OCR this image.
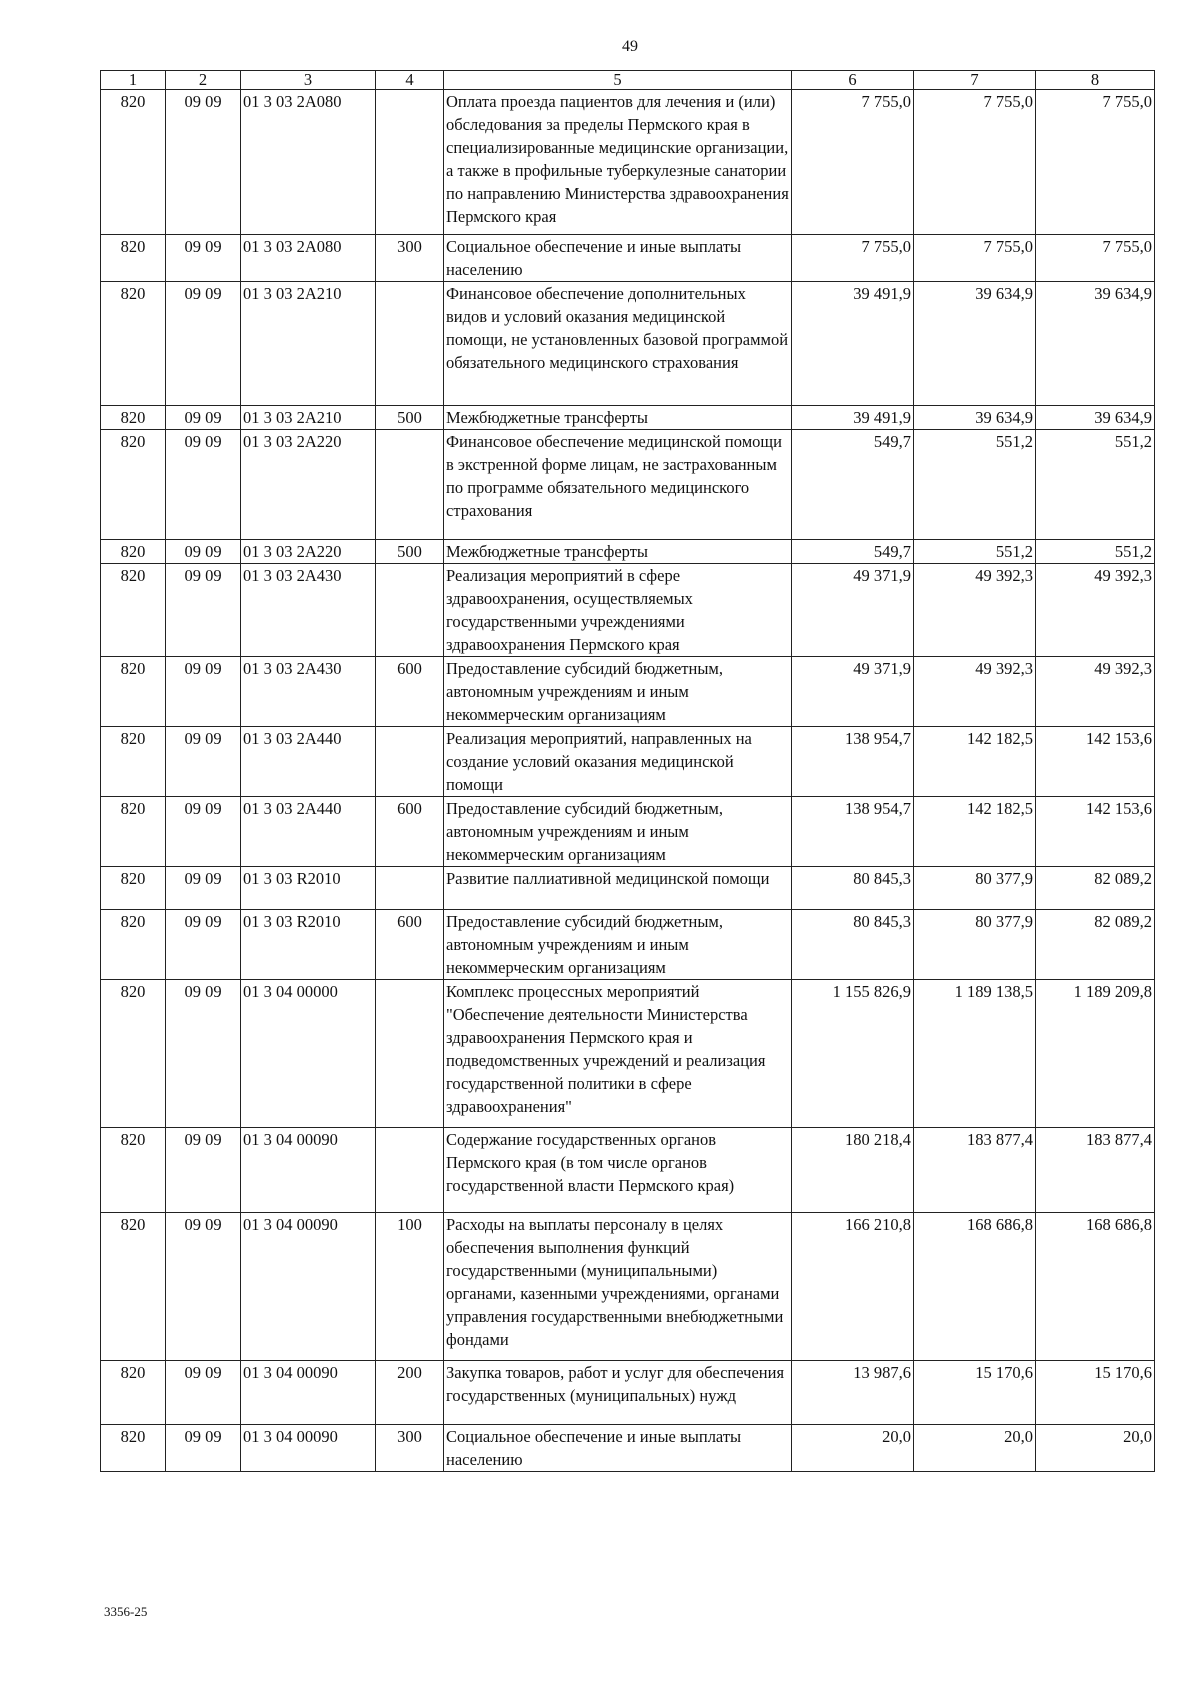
49
1	2	3	4	5	6	7	8
820	09 09	01 3 03 2А080		Оплата проезда пациентов для лечения и (или) обследования за пределы Пермского края в специализированные медицинские организации, а также в профильные туберкулезные санатории по направлению Министерства здравоохранения Пермского края	7 755,0	7 755,0	7 755,0
820	09 09	01 3 03 2А080	300	Социальное обеспечение и иные выплаты населению	7 755,0	7 755,0	7 755,0
820	09 09	01 3 03 2А210		Финансовое обеспечение дополнительных видов и условий оказания медицинской помощи, не установленных базовой программой обязательного медицинского страхования	39 491,9	39 634,9	39 634,9
820	09 09	01 3 03 2А210	500	Межбюджетные трансферты	39 491,9	39 634,9	39 634,9
820	09 09	01 3 03 2А220		Финансовое обеспечение медицинской помощи в экстренной форме лицам, не застрахованным по программе обязательного медицинского страхования	549,7	551,2	551,2
820	09 09	01 3 03 2А220	500	Межбюджетные трансферты	549,7	551,2	551,2
820	09 09	01 3 03 2А430		Реализация мероприятий в сфере здравоохранения, осуществляемых государственными учреждениями здравоохранения Пермского края	49 371,9	49 392,3	49 392,3
820	09 09	01 3 03 2А430	600	Предоставление субсидий бюджетным, автономным учреждениям и иным некоммерческим организациям	49 371,9	49 392,3	49 392,3
820	09 09	01 3 03 2А440		Реализация мероприятий, направленных на создание условий оказания медицинской помощи	138 954,7	142 182,5	142 153,6
820	09 09	01 3 03 2А440	600	Предоставление субсидий бюджетным, автономным учреждениям и иным некоммерческим организациям	138 954,7	142 182,5	142 153,6
820	09 09	01 3 03 R2010		Развитие паллиативной медицинской помощи	80 845,3	80 377,9	82 089,2
820	09 09	01 3 03 R2010	600	Предоставление субсидий бюджетным, автономным учреждениям и иным некоммерческим организациям	80 845,3	80 377,9	82 089,2
820	09 09	01 3 04 00000		Комплекс процессных мероприятий "Обеспечение деятельности Министерства здравоохранения Пермского края и подведомственных учреждений и реализация государственной политики в сфере здравоохранения"	1 155 826,9	1 189 138,5	1 189 209,8
820	09 09	01 3 04 00090		Содержание государственных органов Пермского края (в том числе органов государственной власти Пермского края)	180 218,4	183 877,4	183 877,4
820	09 09	01 3 04 00090	100	Расходы на выплаты персоналу в целях обеспечения выполнения функций государственными (муниципальными) органами, казенными учреждениями, органами управления государственными внебюджетными фондами	166 210,8	168 686,8	168 686,8
820	09 09	01 3 04 00090	200	Закупка товаров, работ и услуг для обеспечения государственных (муниципальных) нужд	13 987,6	15 170,6	15 170,6
820	09 09	01 3 04 00090	300	Социальное обеспечение и иные выплаты населению	20,0	20,0	20,0
3356-25
